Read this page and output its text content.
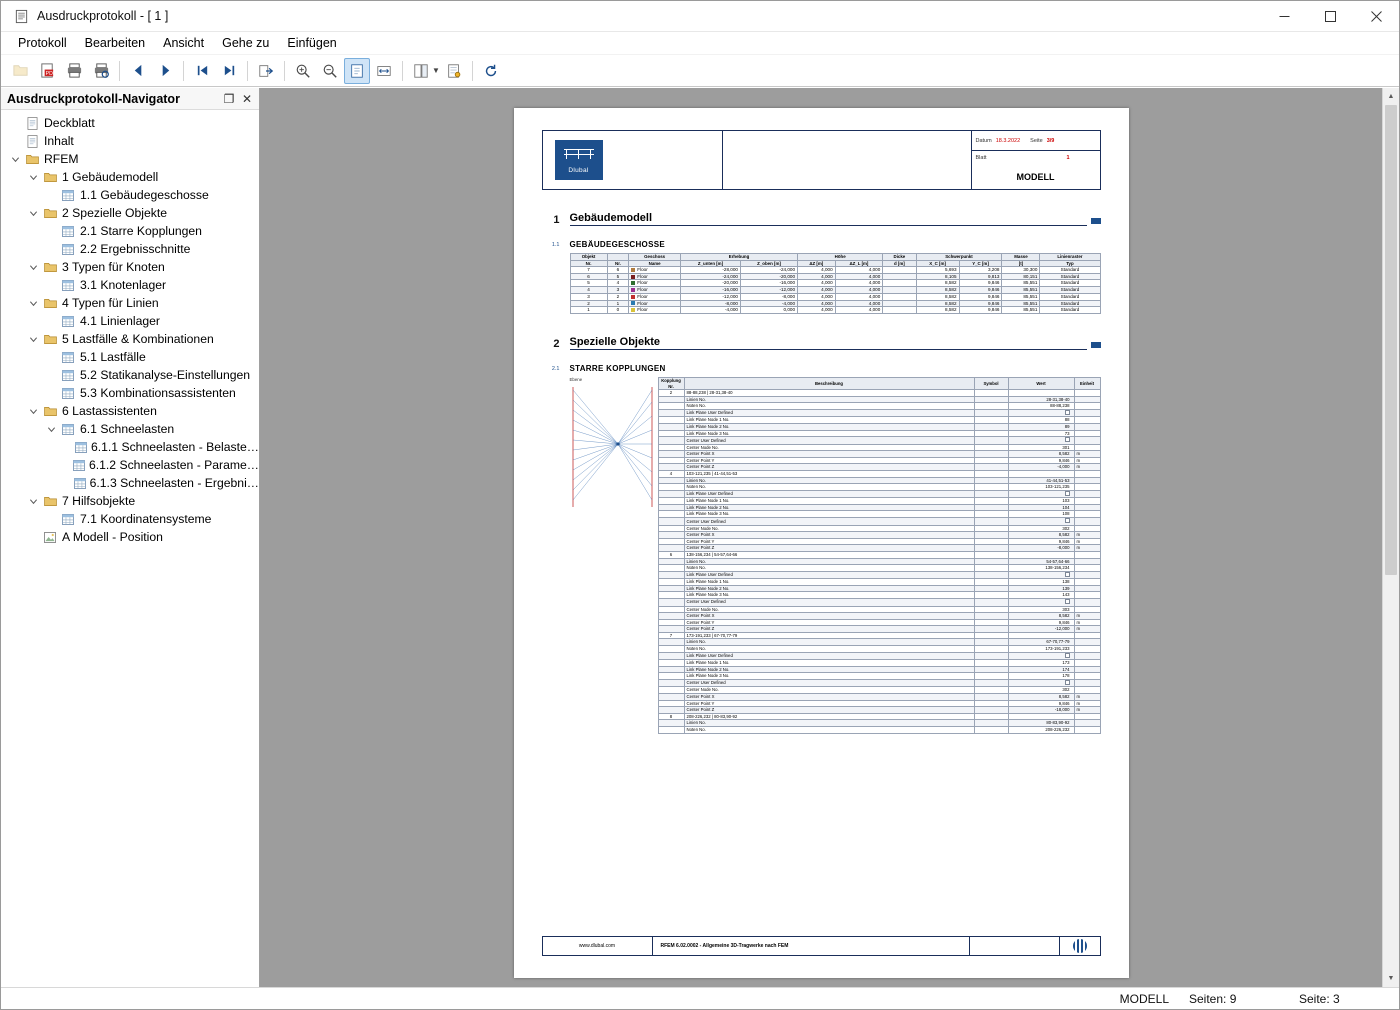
Ausdruckprotokoll - [ 1 ]
Protokoll	Bearbeiten	Ansicht	Gehe zu	Einfügen
PDF	▼
Ausdruckprotokoll-Navigator	❐ ✕
Deckblatt
Inhalt
RFEM
1 Gebäudemodell
1.1 Gebäudegeschosse
2 Spezielle Objekte
2.1 Starre Kopplungen
2.2 Ergebnisschnitte
3 Typen für Knoten
3.1 Knotenlager
4 Typen für Linien
4.1 Linienlager
5 Lastfälle & Kombinationen
5.1 Lastfälle
5.2 Statikanalyse-Einstellungen
5.3 Kombinationsassistenten
6 Lastassistenten
6.1 Schneelasten
6.1.1 Schneelasten - Belaste…
6.1.2 Schneelasten - Parame…
6.1.3 Schneelasten - Ergebni…
7 Hilfsobjekte
7.1 Koordinatensysteme
A Modell - Position
Dlubal
Datum 18.3.2022 Seite 3/9
Blatt	1
MODELL
1 Gebäudemodell
1.1	GEBÄUDEGESCHOSSE
Objekt		Geschoss	Erhebung		Höhe		Dicke	Schwerpunkt		Masse	Linienraster
Nr.	Nr.	Name	Z_unten [m]	Z_oben [m]	ΔZ [m]	ΔZ_L [m]	d [m]	X_C [m]	Y_C [m]	[t]	Typ
7	6	Floor	-28,000	-24,000	4,000	4,000		5,693	3,208	30,300	Standard
6	5	Floor	-24,000	-20,000	4,000	4,000		8,105	9,813	80,151	Standard
5	4	Floor	-20,000	-16,000	4,000	4,000		8,582	9,846	85,551	Standard
4	3	Floor	-16,000	-12,000	4,000	4,000		8,582	9,846	85,551	Standard
3	2	Floor	-12,000	-8,000	4,000	4,000		8,582	9,846	85,551	Standard
2	1	Floor	-8,000	-4,000	4,000	4,000		8,582	9,846	85,551	Standard
1	0	Floor	-4,000	0,000	4,000	4,000		8,582	9,846	85,551	Standard
2 Spezielle Objekte
2.1	STARRE KOPPLUNGEN
Ebene	Kopplung Nr.	Beschreibung	Symbol	Wert	Einheit
2	88-88,238 | 28-31,38-40			
	Linien No.		28-31,38-40	
	Noten No.		88-88,238	
	Link Plane User Defined			
	Link Plane Node 1 No.		88	
	Link Plane Node 2 No.		89	
	Link Plane Node 3 No.		73	
	Center User Defined			
	Center Node No.		301	
	Center Point X		8,582	m
	Center Point Y		9,846	m
	Center Point Z		-4,000	m
4	103-121,235 | 41-44,51-53			
	Linien No.		41-44,51-53	
	Noten No.		103-121,235	
	Link Plane User Defined			
	Link Plane Node 1 No.		103	
	Link Plane Node 2 No.		104	
	Link Plane Node 3 No.		108	
	Center User Defined			
	Center Node No.		302	
	Center Point X		8,582	m
	Center Point Y		9,846	m
	Center Point Z		-8,000	m
6	138-156,234 | 54-57,64-66			
	Linien No.		54-57,64-66	
	Noten No.		138-156,234	
	Link Plane User Defined			
	Link Plane Node 1 No.		138	
	Link Plane Node 2 No.		139	
	Link Plane Node 3 No.		143	
	Center User Defined			
	Center Node No.		303	
	Center Point X		8,582	m
	Center Point Y		9,846	m
	Center Point Z		-12,000	m
7	173-191,233 | 67-70,77-79			
	Linien No.		67-70,77-79	
	Noten No.		173-191,233	
	Link Plane User Defined			
	Link Plane Node 1 No.		173	
	Link Plane Node 2 No.		174	
	Link Plane Node 3 No.		178	
	Center User Defined			
	Center Node No.		302	
	Center Point X		8,582	m
	Center Point Y		9,846	m
	Center Point Z		-18,000	m
8	208-226,232 | 80-83,90-92			
	Linien No.		80-83,90-92	
	Noten No.		208-226,232	
www.dlubal.com	RFEM 6.02.0002 - Allgemeine 3D-Tragwerke nach FEM
▲
▼
MODELL	Seiten: 9	Seite: 3
